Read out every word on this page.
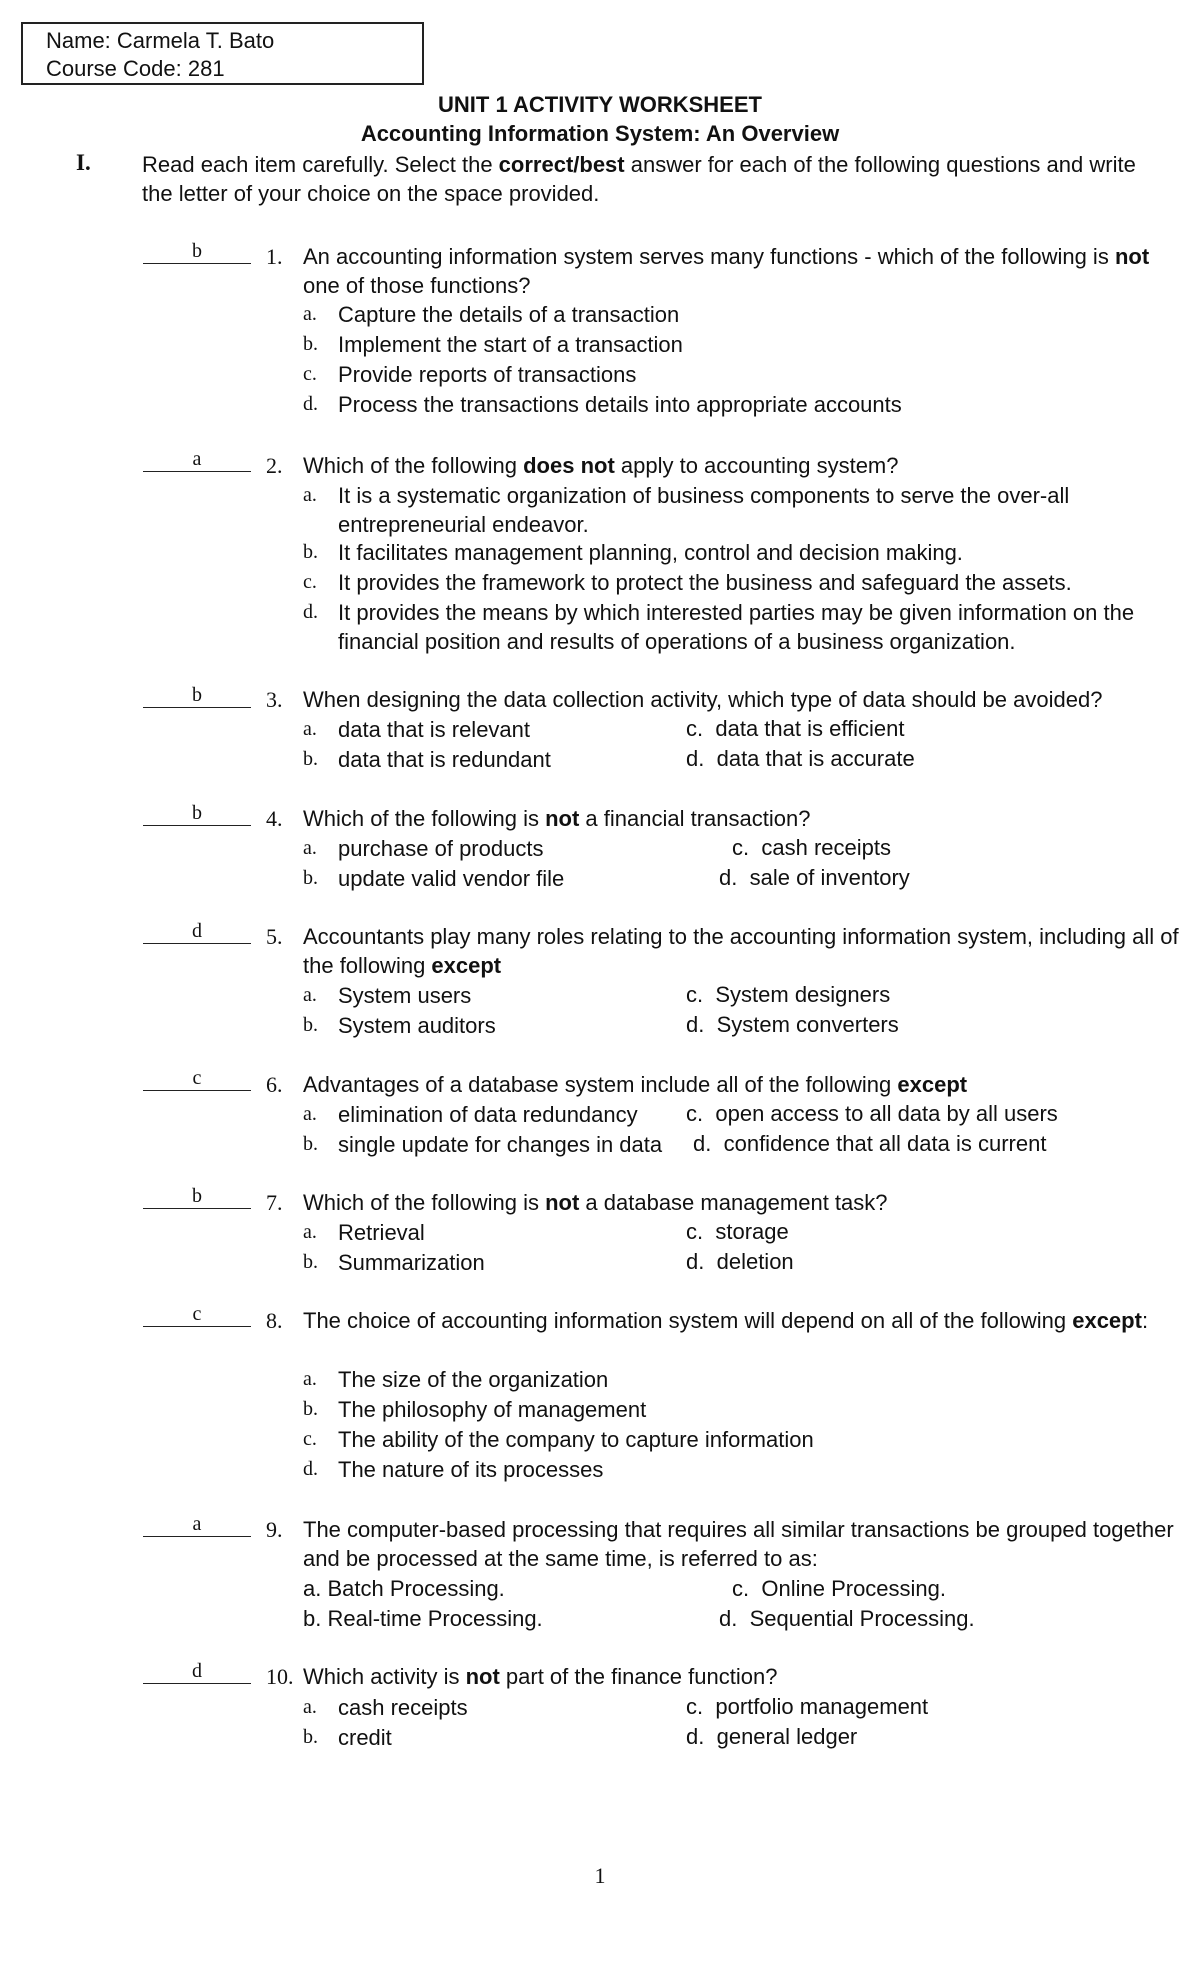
Name: Carmela T. Bato
Course Code: 281
UNIT 1 ACTIVITY WORKSHEET
Accounting Information System: An Overview
I. Read each item carefully. Select the correct/best answer for each of the following questions and write the letter of your choice on the space provided.
b	1. An accounting information system serves many functions - which of the following is not one of those functions?
a. Capture the details of a transaction
b. Implement the start of a transaction
c. Provide reports of transactions
d. Process the transactions details into appropriate accounts
a	2. Which of the following does not apply to accounting system?
a. It is a systematic organization of business components to serve the over-all entrepreneurial endeavor.
b. It facilitates management planning, control and decision making.
c. It provides the framework to protect the business and safeguard the assets.
d. It provides the means by which interested parties may be given information on the financial position and results of operations of a business organization.
b	3. When designing the data collection activity, which type of data should be avoided?
a. data that is relevant	c. data that is efficient
b. data that is redundant	d. data that is accurate
b	4. Which of the following is not a financial transaction?
a. purchase of products	c. cash receipts
b. update valid vendor file	d. sale of inventory
d	5. Accountants play many roles relating to the accounting information system, including all of the following except
a. System users	c. System designers
b. System auditors	d. System converters
c	6. Advantages of a database system include all of the following except
a. elimination of data redundancy	c. open access to all data by all users
b. single update for changes in data	d. confidence that all data is current
b	7. Which of the following is not a database management task?
a. Retrieval	c. storage
b. Summarization	d. deletion
c	8. The choice of accounting information system will depend on all of the following except:
a. The size of the organization
b. The philosophy of management
c. The ability of the company to capture information
d. The nature of its processes
a	9. The computer-based processing that requires all similar transactions be grouped together and be processed at the same time, is referred to as:
a. Batch Processing.	c. Online Processing.
b. Real-time Processing.	d. Sequential Processing.
d	10. Which activity is not part of the finance function?
a. cash receipts	c. portfolio management
b. credit	d. general ledger
1
